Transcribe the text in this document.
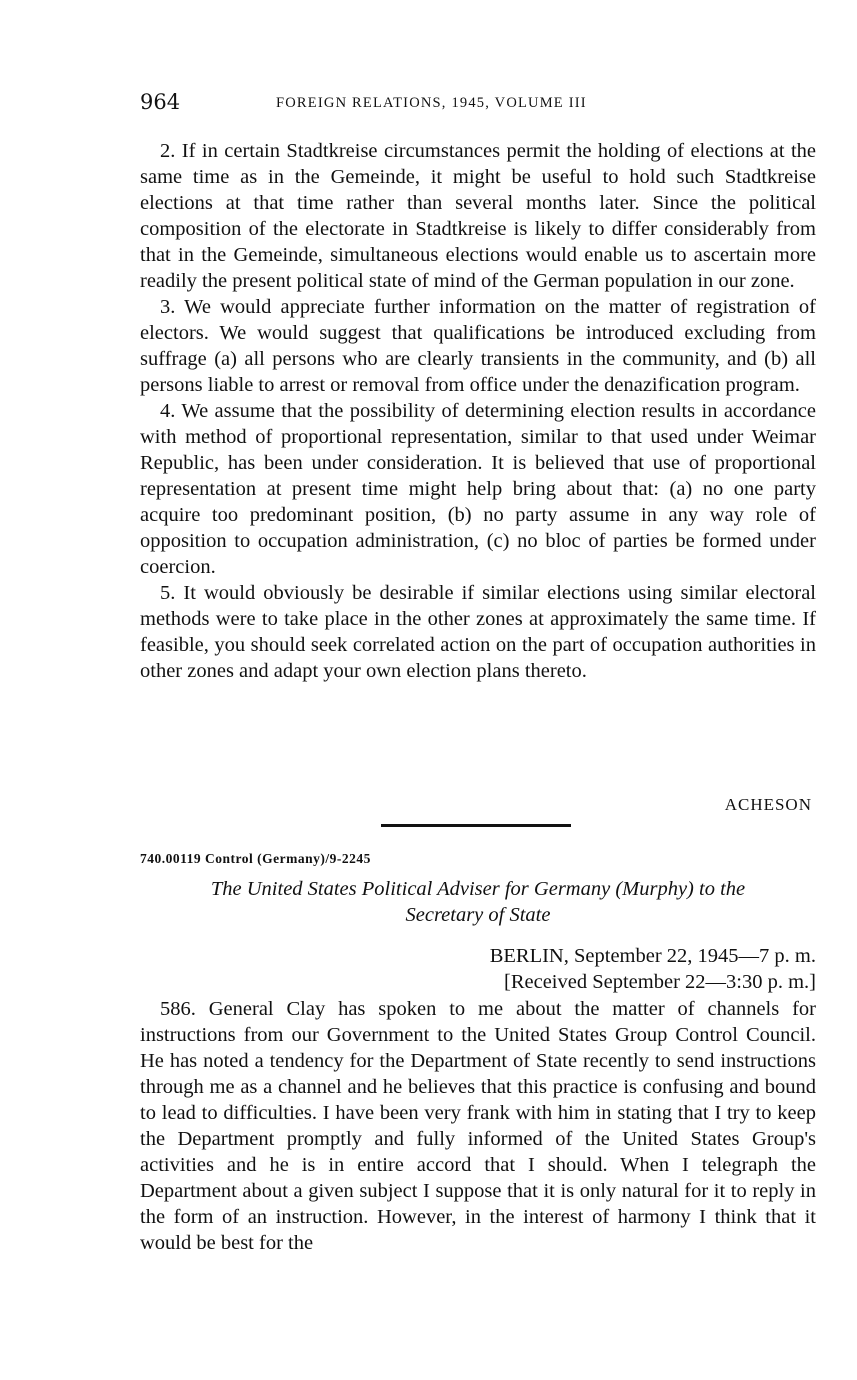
964	FOREIGN RELATIONS, 1945, VOLUME III

2. If in certain Stadtkreise circumstances permit the holding of elections at the same time as in the Gemeinde, it might be useful to hold such Stadtkreise elections at that time rather than several months later. Since the political composition of the electorate in Stadtkreise is likely to differ considerably from that in the Gemeinde, simultaneous elections would enable us to ascertain more readily the present political state of mind of the German population in our zone.

3. We would appreciate further information on the matter of registration of electors. We would suggest that qualifications be introduced excluding from suffrage (a) all persons who are clearly transients in the community, and (b) all persons liable to arrest or removal from office under the denazification program.

4. We assume that the possibility of determining election results in accordance with method of proportional representation, similar to that used under Weimar Republic, has been under consideration. It is believed that use of proportional representation at present time might help bring about that: (a) no one party acquire too predominant position, (b) no party assume in any way role of opposition to occupation administration, (c) no bloc of parties be formed under coercion.

5. It would obviously be desirable if similar elections using similar electoral methods were to take place in the other zones at approximately the same time. If feasible, you should seek correlated action on the part of occupation authorities in other zones and adapt your own election plans thereto.

ACHESON
740.00119 Control (Germany)/9-2245
The United States Political Adviser for Germany (Murphy) to the
Secretary of State
BERLIN, September 22, 1945—7 p. m.
[Received September 22—3:30 p. m.]

586. General Clay has spoken to me about the matter of channels for instructions from our Government to the United States Group Control Council. He has noted a tendency for the Department of State recently to send instructions through me as a channel and he believes that this practice is confusing and bound to lead to difficulties. I have been very frank with him in stating that I try to keep the Department promptly and fully informed of the United States Group's activities and he is in entire accord that I should. When I telegraph the Department about a given subject I suppose that it is only natural for it to reply in the form of an instruction. However, in the interest of harmony I think that it would be best for the
